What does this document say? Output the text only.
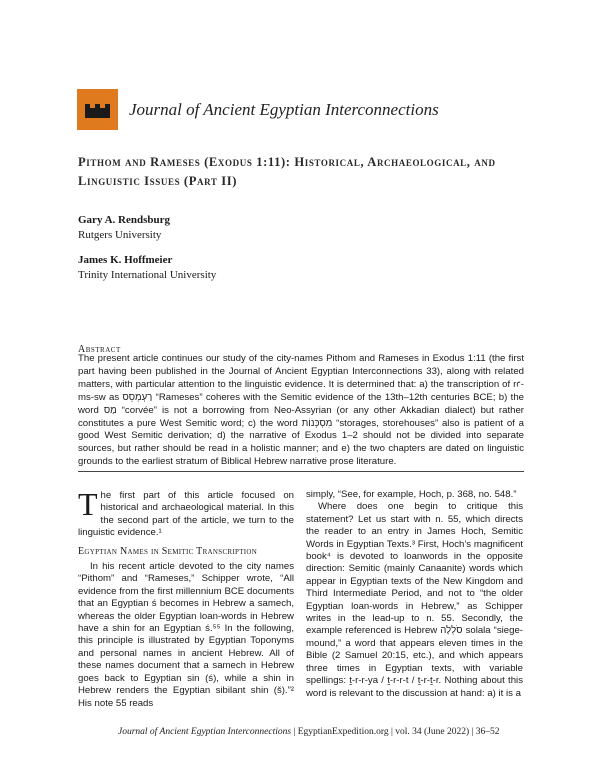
Journal of Ancient Egyptian Interconnections
Pithom and Rameses (Exodus 1:11): Historical, Archaeological, and Linguistic Issues (Part II)
Gary A. Rendsburg
Rutgers University
James K. Hoffmeier
Trinity International University
Abstract
The present article continues our study of the city-names Pithom and Rameses in Exodus 1:11 (the first part having been published in the Journal of Ancient Egyptian Interconnections 33), along with related matters, with particular attention to the linguistic evidence. It is determined that: a) the transcription of rꜥ-ms-sw as רַעְמְסֵס “Rameses” coheres with the Semitic evidence of the 13th–12th centuries BCE; b) the word מַס “corvée” is not a borrowing from Neo-Assyrian (or any other Akkadian dialect) but rather constitutes a pure West Semitic word; c) the word מִסְכְּנוֹת “storages, storehouses” also is patient of a good West Semitic derivation; d) the narrative of Exodus 1–2 should not be divided into separate sources, but rather should be read in a holistic manner; and e) the two chapters are dated on linguistic grounds to the earliest stratum of Biblical Hebrew narrative prose literature.

The first part of this article focused on historical and archaeological material. In this the second part of the article, we turn to the linguistic evidence.¹

Egyptian Names in Semitic Transcription

In his recent article devoted to the city names “Pithom” and “Rameses,” Schipper wrote, “All evidence from the first millennium BCE documents that an Egyptian ś becomes in Hebrew a samech, whereas the older Egyptian loan-words in Hebrew have a shin for an Egyptian ś.⁵⁵ In the following, this principle is illustrated by Egyptian Toponyms and personal names in ancient Hebrew. All of these names document that a samech in Hebrew goes back to Egyptian sin (ś), while a shin in Hebrew renders the Egyptian sibilant shin (š).”² His note 55 reads

simply, “See, for example, Hoch, p. 368, no. 548.”

Where does one begin to critique this statement? Let us start with n. 55, which directs the reader to an entry in James Hoch, Semitic Words in Egyptian Texts.³ First, Hoch’s magnificent book⁴ is devoted to loanwords in the opposite direction: Semitic (mainly Canaanite) words which appear in Egyptian texts of the New Kingdom and Third Intermediate Period, and not to “the older Egyptian loan-words in Hebrew,” as Schipper writes in the lead-up to n. 55. Secondly, the example referenced is Hebrew סֹלְלָה solala “siege-mound,” a word that appears eleven times in the Bible (2 Samuel 20:15, etc.), and which appears three times in Egyptian texts, with variable spellings: ṯ-r-r-ya / ṯ-r-r-t / ṯ-r-ṯ-r. Nothing about this word is relevant to the discussion at hand: a) it is a

Journal of Ancient Egyptian Interconnections | EgyptianExpedition.org | vol. 34 (June 2022) | 36–52
